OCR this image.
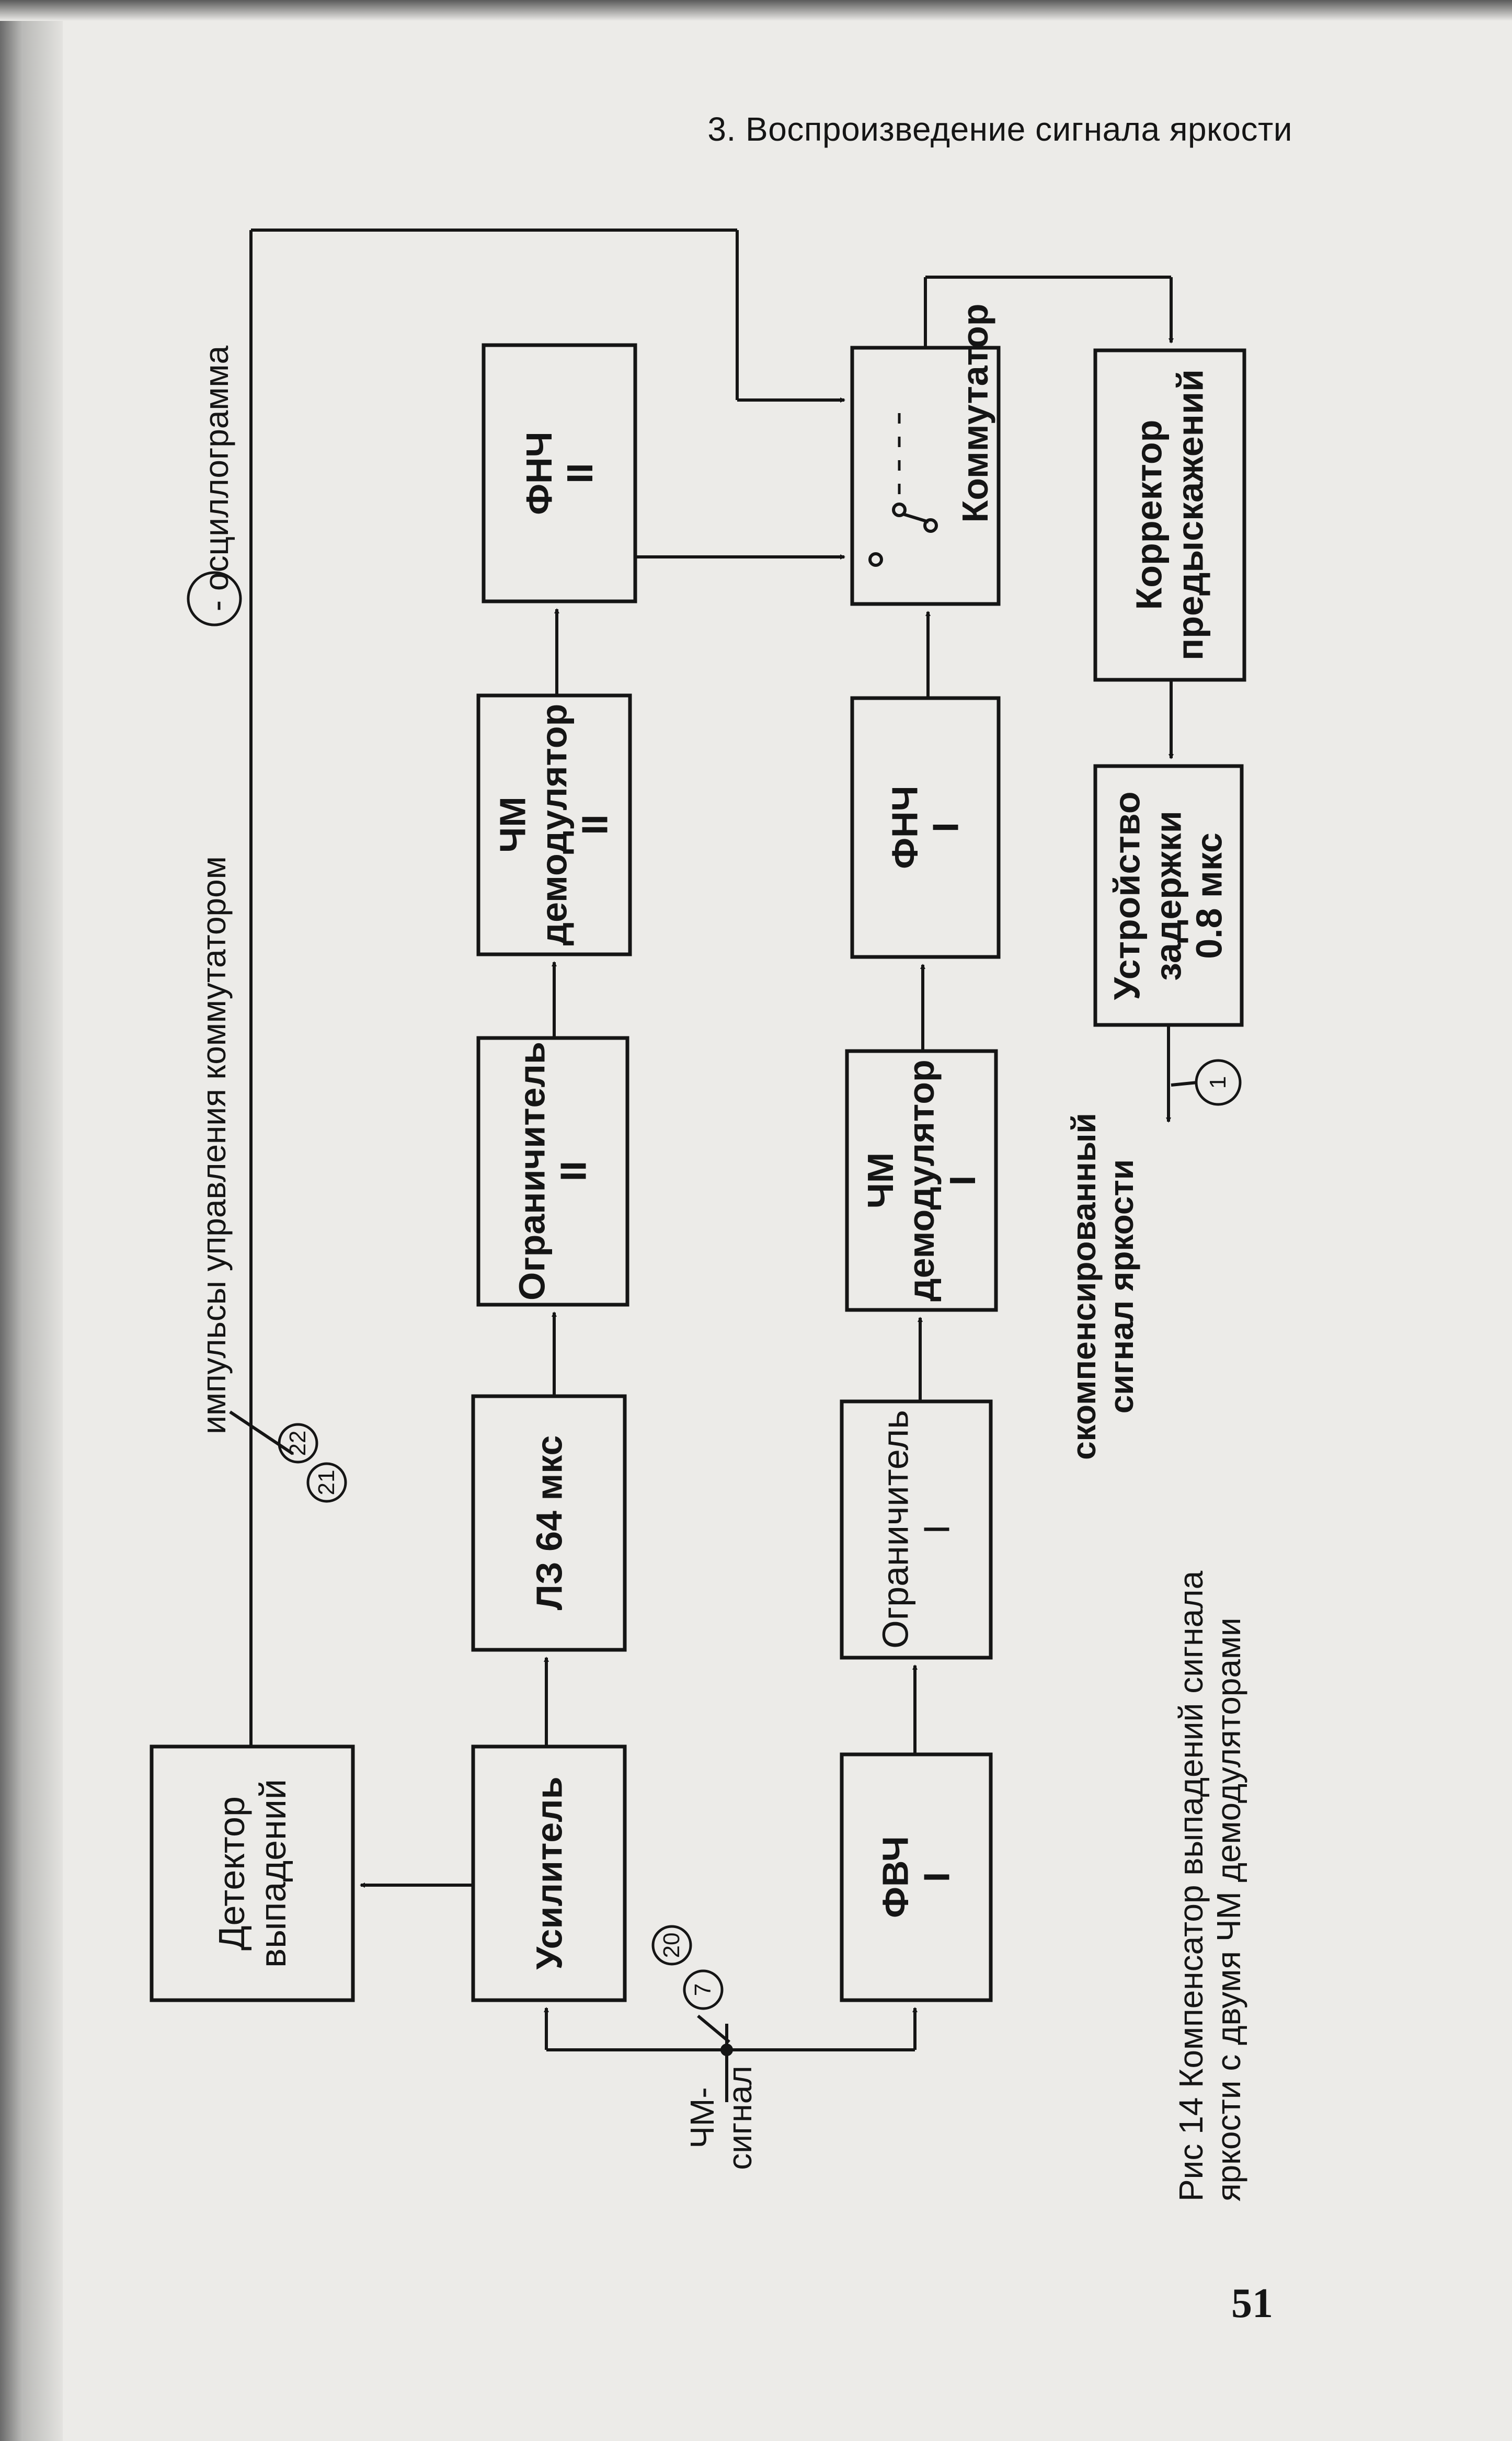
3. Воспроизведение сигнала яркости
51
7
20
21
22
1
- осциллограмма
импульсы управления коммутатором
ЧМ- сигнал
скомпенсированный сигнал яркости
Рис 14 Компенсатор выпадений сигнала яркости с двумя ЧМ демодуляторами
Детектор выпадений	Усилитель
ЛЗ 64 мкс
Ограничитель II
ЧМ демодулятор II
ФНЧ II
ФВЧ I
Ограничитель I
ЧМ демодулятор I
ФНЧ I
Коммутатор	Корректор предыскажений
Устройство задержки 0.8 мкс
